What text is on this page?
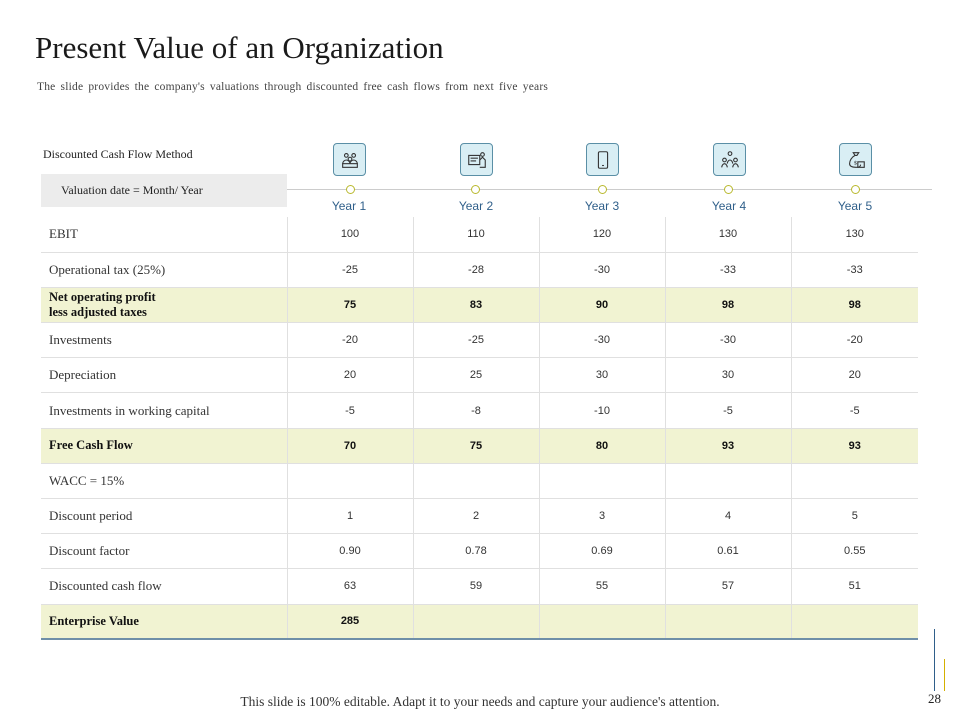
Present Value of an Organization
The slide provides the company's valuations through discounted free cash flows from next five years
Discounted Cash Flow Method
Valuation date = Month/ Year
$
Year 1	Year 2	Year 3	Year 4	Year 5
EBIT	100	110	120	130	130
Operational tax (25%)	-25	-28	-30	-33	-33
Net operating profit
less adjusted taxes	75	83	90	98	98
Investments	-20	-25	-30	-30	-20
Depreciation	20	25	30	30	20
Investments in working capital	-5	-8	-10	-5	-5
Free Cash Flow	70	75	80	93	93
WACC = 15%					
Discount period	1	2	3	4	5
Discount factor	0.90	0.78	0.69	0.61	0.55
Discounted cash flow	63	59	55	57	51
Enterprise Value	285				
28
This slide is 100% editable. Adapt it to your needs and capture your audience's attention.
